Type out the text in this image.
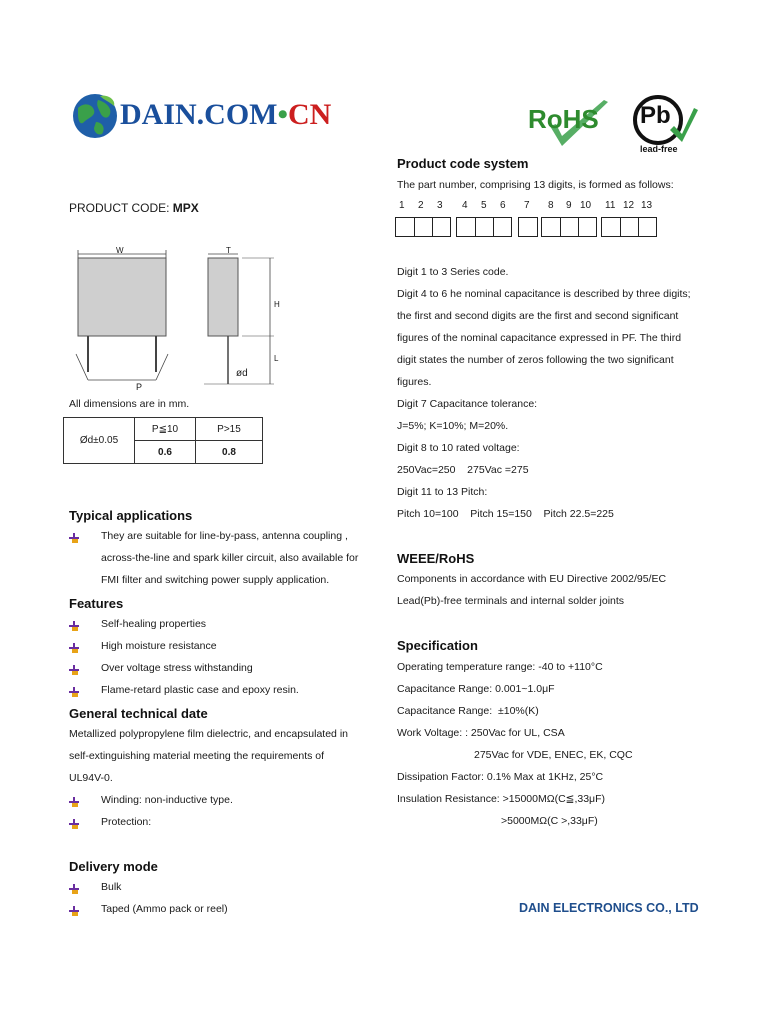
DAIN.COM•CN	RoHS Pb
lead-free
PRODUCT CODE: MPX
W	T
H
L
P
ød
All dimensions are in mm.
Ød±0.05	P≦10	P>15
	0.6	0.8
Typical applications
They are suitable for line-by-pass, antenna coupling ,
across-the-line and spark killer circuit, also available for
FMI filter and switching power supply application.
Features
Self-healing properties
High moisture resistance
Over voltage stress withstanding
Flame-retard plastic case and epoxy resin.
General technical date
Metallized polypropylene film dielectric, and encapsulated in
self-extinguishing material meeting the requirements of
UL94V-0.
Winding: non-inductive type.
Protection:
Delivery mode
Bulk
Taped (Ammo pack or reel)
Product code system
The part number, comprising 13 digits, is formed as follows:
1 2 3 4 5 6 7 8 9 10 11 12 13
Digit 1 to 3 Series code.
Digit 4 to 6 he nominal capacitance is described by three digits;
the first and second digits are the first and second significant
figures of the nominal capacitance expressed in PF. The third
digit states the number of zeros following the two significant
figures.
Digit 7 Capacitance tolerance:
J=5%; K=10%; M=20%.
Digit 8 to 10 rated voltage:
250Vac=250    275Vac =275
Digit 11 to 13 Pitch:
Pitch 10=100    Pitch 15=150    Pitch 22.5=225
WEEE/RoHS
Components in accordance with EU Directive 2002/95/EC
Lead(Pb)-free terminals and internal solder joints
Specification
Operating temperature range: -40 to +110°C
Capacitance Range: 0.001~1.0μF
Capacitance Range:  ±10%(K)
Work Voltage: : 250Vac for UL, CSA
275Vac for VDE, ENEC, EK, CQC
Dissipation Factor: 0.1% Max at 1KHz, 25°C
Insulation Resistance: >15000MΩ(C≦,33μF)
>5000MΩ(C >,33μF)
DAIN ELECTRONICS CO., LTD
